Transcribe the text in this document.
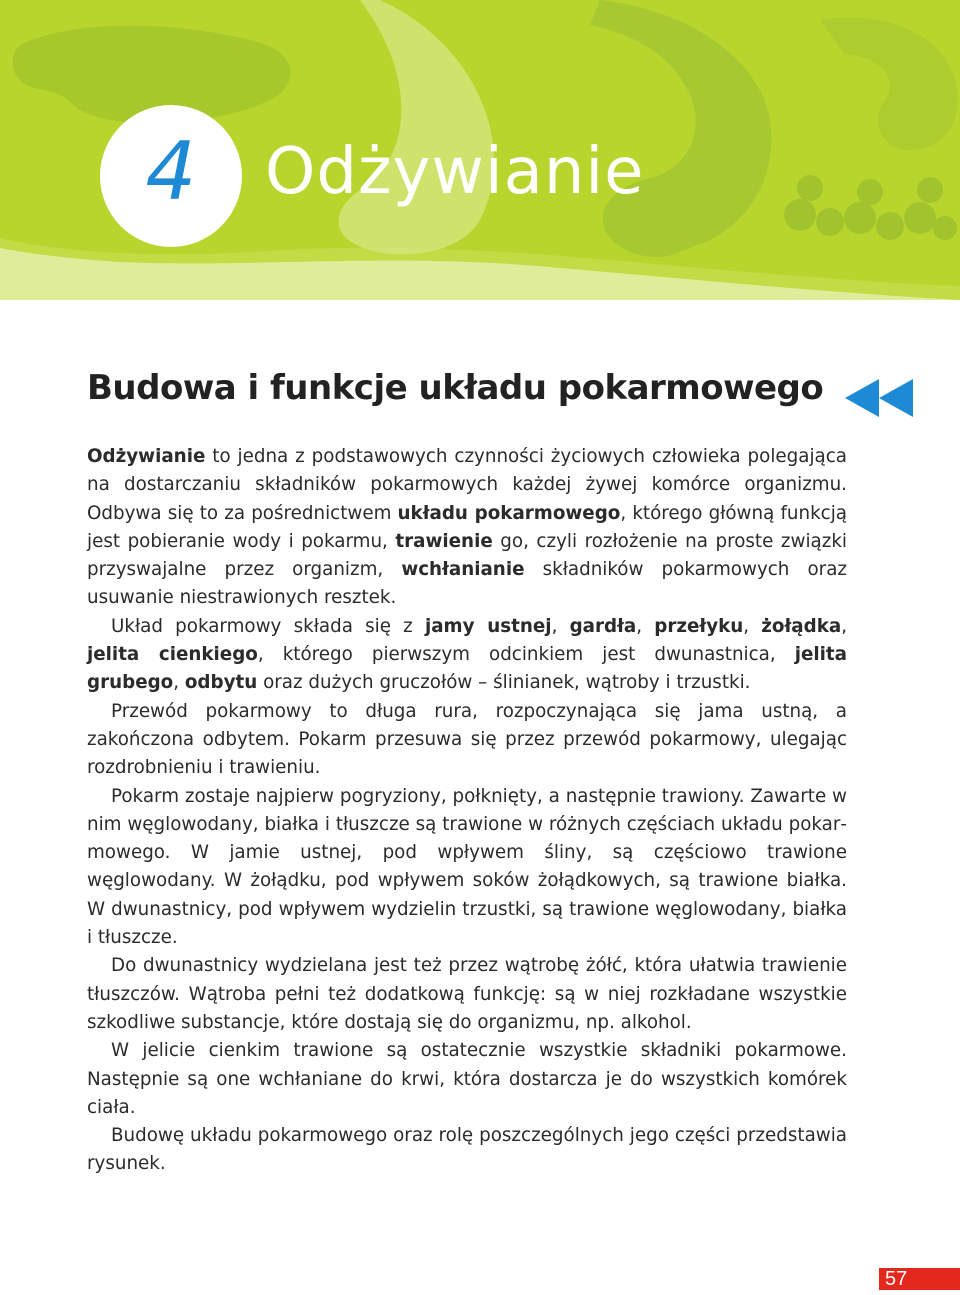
4 Odżywianie
Budowa i funkcje układu pokarmowego

Odżywianie to jedna z podstawowych czynności życiowych człowieka polegająca na dostarczaniu składników pokarmowych każdej żywej komórce organizmu. Odbywa się to za pośrednictwem układu pokarmowego, którego główną funkcją jest pobieranie wody i pokarmu, trawienie go, czyli rozłożenie na proste związki przyswajalne przez organizm, wchłanianie składników pokarmowych oraz usuwanie niestrawionych resztek.

Układ pokarmowy składa się z jamy ustnej, gardła, przełyku, żołądka, jelita cienkiego, którego pierwszym odcinkiem jest dwunastnica, jelita grubego, odbytu oraz dużych gruczołów – ślinianek, wątroby i trzustki.

Przewód pokarmowy to długa rura, rozpoczynająca się jama ustną, a zakończona odbytem. Pokarm przesuwa się przez przewód pokarmowy, ulegając rozdrobnieniu i trawieniu.

Pokarm zostaje najpierw pogryziony, połknięty, a następnie trawiony. Zawarte w nim węglowodany, białka i tłuszcze są trawione w różnych częściach układu pokarmowego. W jamie ustnej, pod wpływem śliny, są częściowo trawione węglowodany. W żołądku, pod wpływem soków żołądkowych, są trawione białka. W dwunastnicy, pod wpływem wydzielin trzustki, są trawione węglowodany, białka i tłuszcze.

Do dwunastnicy wydzielana jest też przez wątrobę żółć, która ułatwia trawienie tłuszczów. Wątroba pełni też dodatkową funkcję: są w niej rozkładane wszystkie szkodliwe substancje, które dostają się do organizmu, np. alkohol.

W jelicie cienkim trawione są ostatecznie wszystkie składniki pokarmowe. Następnie są one wchłaniane do krwi, która dostarcza je do wszystkich komórek ciała.

Budowę układu pokarmowego oraz rolę poszczególnych jego części przedstawia rysunek.

57
